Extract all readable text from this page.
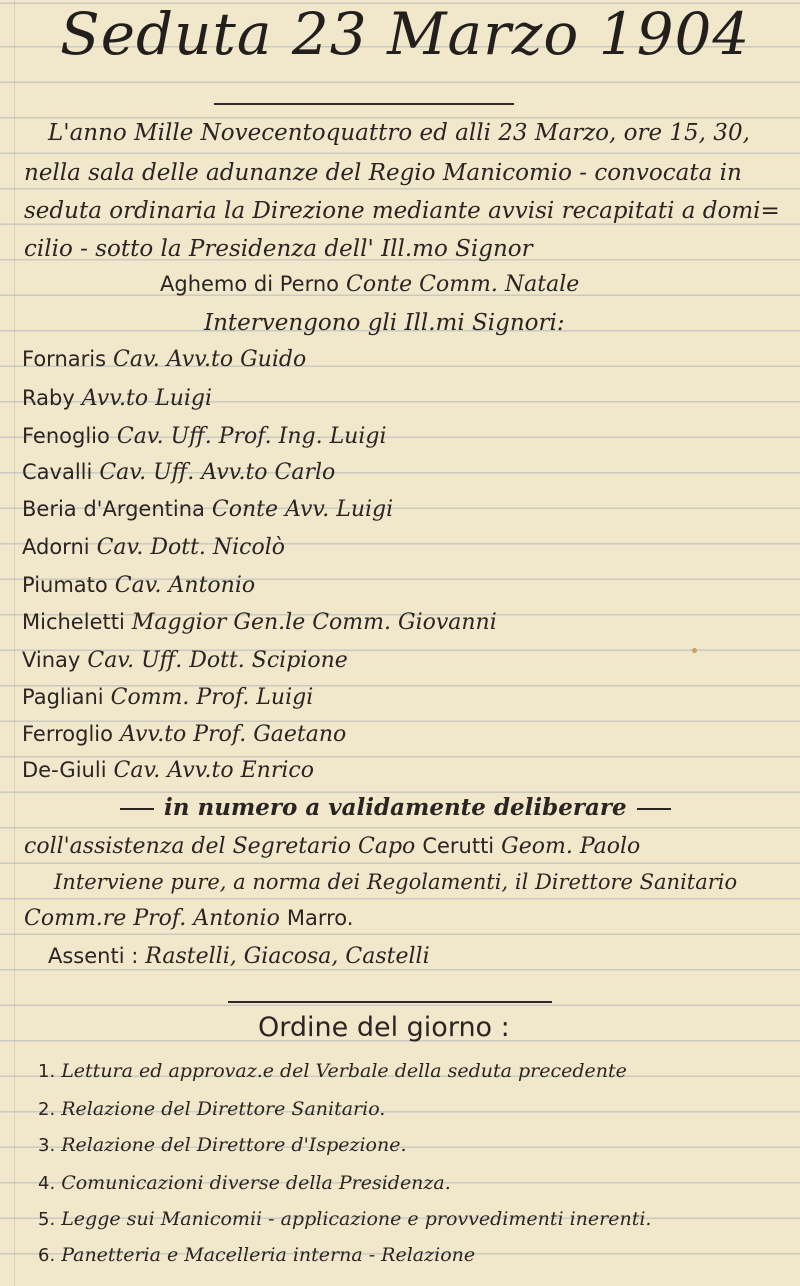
Seduta 23 Marzo 1904
L'anno Mille Novecentoquattro ed alli 23 Marzo, ore 15, 30,
nella sala delle adunanze del Regio Manicomio - convocata in
seduta ordinaria la Direzione mediante avvisi recapitati a domi=
cilio - sotto la Presidenza dell' Ill.mo Signor
Aghemo di Perno Conte Comm. Natale
Intervengono gli Ill.mi Signori:
Fornaris Cav. Avv.to Guido
Raby Avv.to Luigi
Fenoglio Cav. Uff. Prof. Ing. Luigi
Cavalli Cav. Uff. Avv.to Carlo
Beria d'Argentina Conte Avv. Luigi
Adorni Cav. Dott. Nicolò
Piumato Cav. Antonio
Micheletti Maggior Gen.le Comm. Giovanni
Vinay Cav. Uff. Dott. Scipione
Pagliani Comm. Prof. Luigi
Ferroglio Avv.to Prof. Gaetano
De-Giuli Cav. Avv.to Enrico
in numero a validamente deliberare
coll'assistenza del Segretario Capo Cerutti Geom. Paolo
Interviene pure, a norma dei Regolamenti, il Direttore Sanitario
Comm.re Prof. Antonio Marro.
Assenti : Rastelli, Giacosa, Castelli
Ordine del giorno :
1. Lettura ed approvaz.e del Verbale della seduta precedente
2. Relazione del Direttore Sanitario.
3. Relazione del Direttore d'Ispezione.
4. Comunicazioni diverse della Presidenza.
5. Legge sui Manicomii - applicazione e provvedimenti inerenti.
6. Panetteria e Macelleria interna - Relazione
